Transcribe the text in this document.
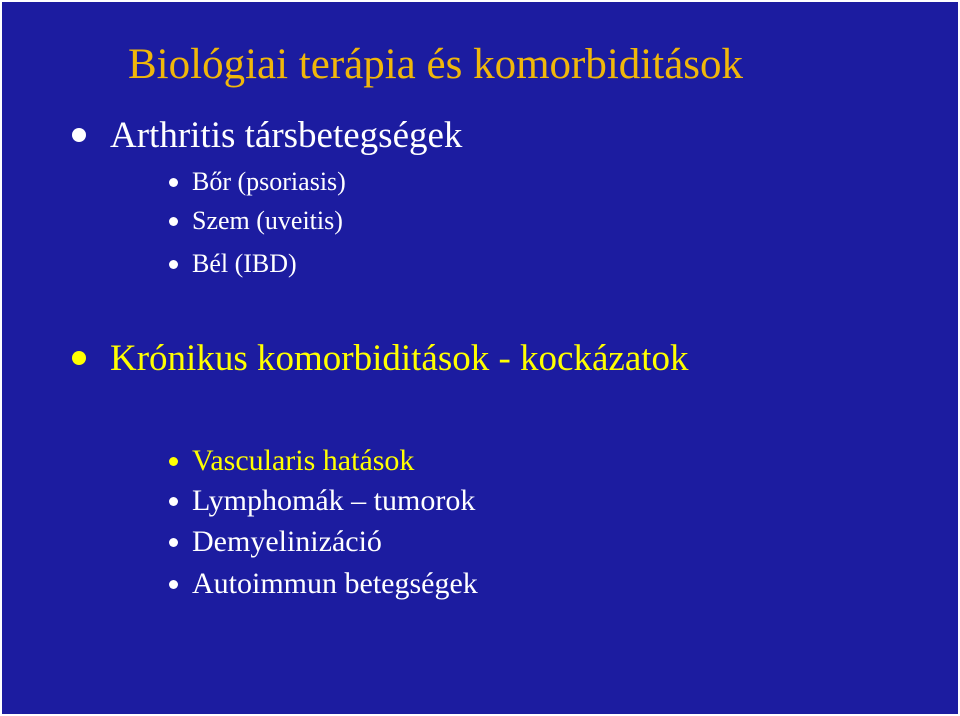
Biológiai terápia és komorbiditások
Arthritis társbetegségek
Bőr (psoriasis)
Szem (uveitis)
Bél (IBD)
Krónikus komorbiditások - kockázatok
Vascularis hatások
Lymphomák – tumorok
Demyelinizáció
Autoimmun betegségek
